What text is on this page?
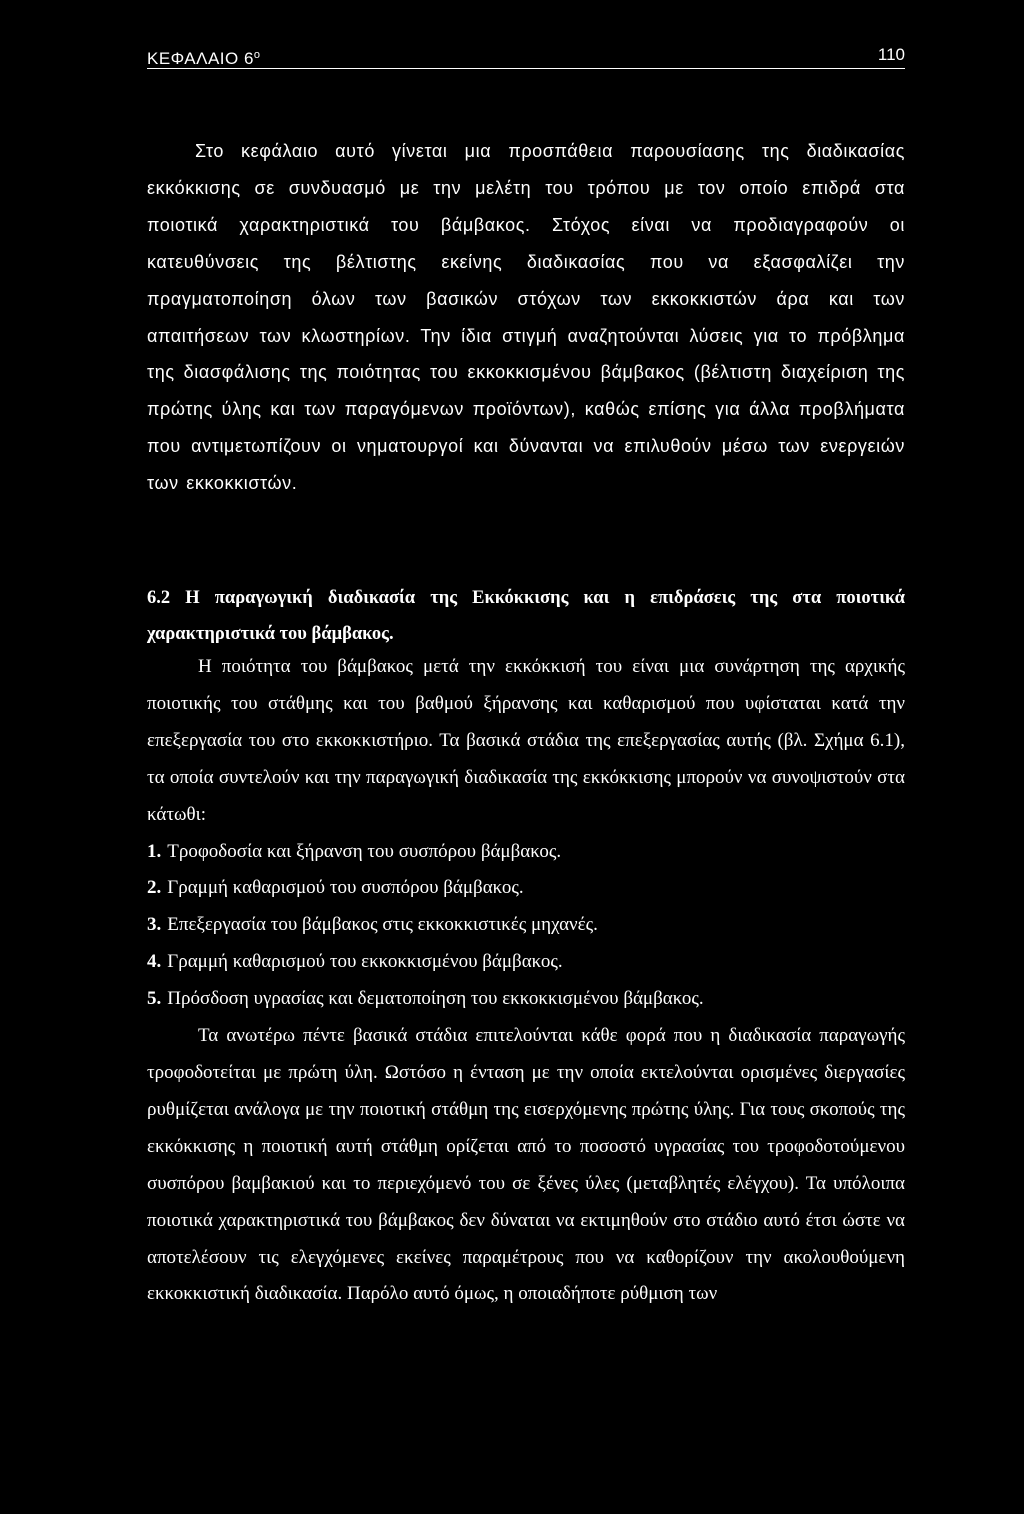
ΚΕΦΑΛΑΙΟ $6^o$	110

Στο κεφάλαιο αυτό γίνεται μια προσπάθεια παρουσίασης της διαδικασίας εκκόκκισης σε συνδυασμό με την μελέτη του τρόπου με τον οποίο επιδρά στα ποιοτικά χαρακτηριστικά του βάμβακος. Στόχος είναι να προδιαγραφούν οι κατευθύνσεις της βέλτιστης εκείνης διαδικασίας που να εξασφαλίζει την πραγματοποίηση όλων των βασικών στόχων των εκκοκκιστών άρα και των απαιτήσεων των κλωστηρίων. Την ίδια στιγμή αναζητούνται λύσεις για το πρόβλημα της διασφάλισης της ποιότητας του εκκοκκισμένου βάμβακος (βέλτιστη διαχείριση της πρώτης ύλης και των παραγόμενων προϊόντων), καθώς επίσης για άλλα προβλήματα που αντιμετωπίζουν οι νηματουργοί και δύνανται να επιλυθούν μέσω των ενεργειών των εκκοκκιστών.

6.2 Η παραγωγική διαδικασία της Εκκόκκισης και η επιδράσεις της στα ποιοτικά χαρακτηριστικά του βάμβακος.

Η ποιότητα του βάμβακος μετά την εκκόκκισή του είναι μια συνάρτηση της αρχικής ποιοτικής του στάθμης και του βαθμού ξήρανσης και καθαρισμού που υφίσταται κατά την επεξεργασία του στο εκκοκκιστήριο. Τα βασικά στάδια της επεξεργασίας αυτής (βλ. Σχήμα 6.1), τα οποία συντελούν και την παραγωγική διαδικασία της εκκόκκισης μπορούν να συνοψιστούν στα κάτωθι:

1. Τροφοδοσία και ξήρανση του συσπόρου βάμβακος.
2. Γραμμή καθαρισμού του συσπόρου βάμβακος.
3. Επεξεργασία του βάμβακος στις εκκοκκιστικές μηχανές.
4. Γραμμή καθαρισμού του εκκοκκισμένου βάμβακος.
5. Πρόσδοση υγρασίας και δεματοποίηση του εκκοκκισμένου βάμβακος.

Τα ανωτέρω πέντε βασικά στάδια επιτελούνται κάθε φορά που η διαδικασία παραγωγής τροφοδοτείται με πρώτη ύλη. Ωστόσο η ένταση με την οποία εκτελούνται ορισμένες διεργασίες ρυθμίζεται ανάλογα με την ποιοτική στάθμη της εισερχόμενης πρώτης ύλης. Για τους σκοπούς της εκκόκκισης η ποιοτική αυτή στάθμη ορίζεται από το ποσοστό υγρασίας του τροφοδοτούμενου συσπόρου βαμβακιού και το περιεχόμενό του σε ξένες ύλες (μεταβλητές ελέγχου). Τα υπόλοιπα ποιοτικά χαρακτηριστικά του βάμβακος δεν δύναται να εκτιμηθούν στο στάδιο αυτό έτσι ώστε να αποτελέσουν τις ελεγχόμενες εκείνες παραμέτρους που να καθορίζουν την ακολουθούμενη εκκοκκιστική διαδικασία. Παρόλο αυτό όμως, η οποιαδήποτε ρύθμιση των
